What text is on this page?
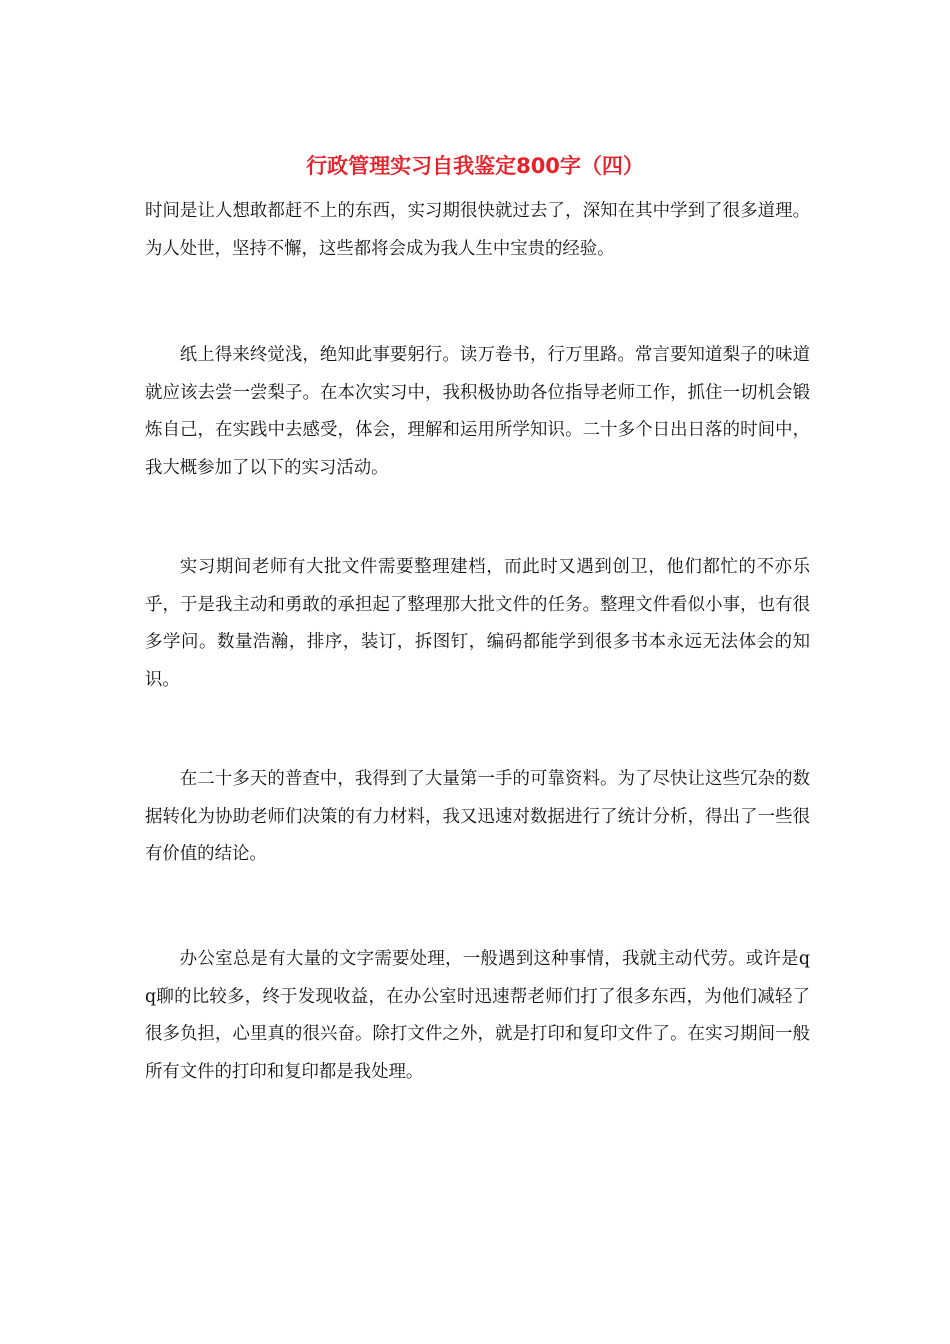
行政管理实习自我鉴定800字（四）

时间是让人想敢都赶不上的东西，实习期很快就过去了，深知在其中学到了很多道理。为人处世，坚持不懈，这些都将会成为我人生中宝贵的经验。

纸上得来终觉浅，绝知此事要躬行。读万卷书，行万里路。常言要知道梨子的味道就应该去尝一尝梨子。在本次实习中，我积极协助各位指导老师工作，抓住一切机会锻炼自己，在实践中去感受，体会，理解和运用所学知识。二十多个日出日落的时间中，我大概参加了以下的实习活动。

实习期间老师有大批文件需要整理建档，而此时又遇到创卫，他们都忙的不亦乐乎，于是我主动和勇敢的承担起了整理那大批文件的任务。整理文件看似小事，也有很多学问。数量浩瀚，排序，装订，拆图钉，编码都能学到很多书本永远无法体会的知识。

在二十多天的普查中，我得到了大量第一手的可靠资料。为了尽快让这些冗杂的数据转化为协助老师们决策的有力材料，我又迅速对数据进行了统计分析，得出了一些很有价值的结论。

办公室总是有大量的文字需要处理，一般遇到这种事情，我就主动代劳。或许是qq聊的比较多，终于发现收益，在办公室时迅速帮老师们打了很多东西，为他们减轻了很多负担，心里真的很兴奋。除打文件之外，就是打印和复印文件了。在实习期间一般所有文件的打印和复印都是我处理。
